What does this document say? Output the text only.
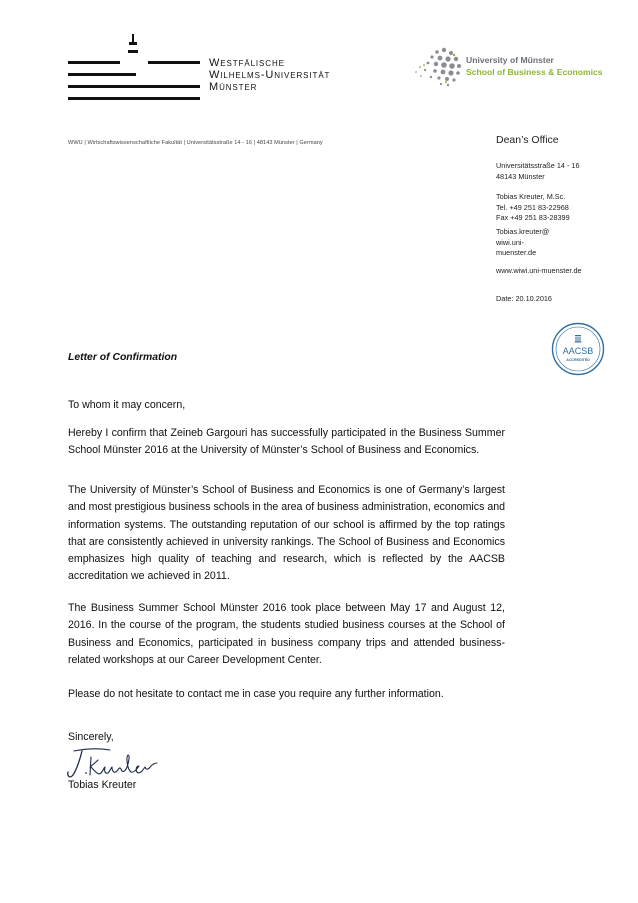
Westfälische
Wilhelms-Universität
Münster
University of Münster
School of Business & Economics
WWU | Wirtschaftswissenschaftliche Fakultät | Universitätsstraße 14 - 16 | 48143 Münster | Germany	Dean’s Office
Universitätsstraße 14 - 16
48143 Münster
Tobias Kreuter, M.Sc.
Tel. +49 251 83-22968
Fax +49 251 83-28399
Tobias.kreuter@
wiwi.uni-
muenster.de
www.wiwi.uni-muenster.de
Date: 20.10.2016
AACSB
ACCREDITED
Letter of Confirmation
To whom it may concern,
Hereby I confirm that Zeineb Gargouri has successfully participated in the Business Summer School Münster 2016 at the University of Münster’s School of Business and Economics.
The University of Münster’s School of Business and Economics is one of Germany’s largest and most prestigious business schools in the area of business administration, economics and information systems. The outstanding reputation of our school is affirmed by the top ratings that are consistently achieved in university rankings. The School of Business and Economics emphasizes high quality of teaching and research, which is reflected by the AACSB accreditation we achieved in 2011.
The Business Summer School Münster 2016 took place between May 17 and August 12, 2016. In the course of the program, the students studied business courses at the School of Business and Economics, participated in business company trips and attended business-related workshops at our Career Development Center.
Please do not hesitate to contact me in case you require any further information.
Sincerely,
Tobias Kreuter
